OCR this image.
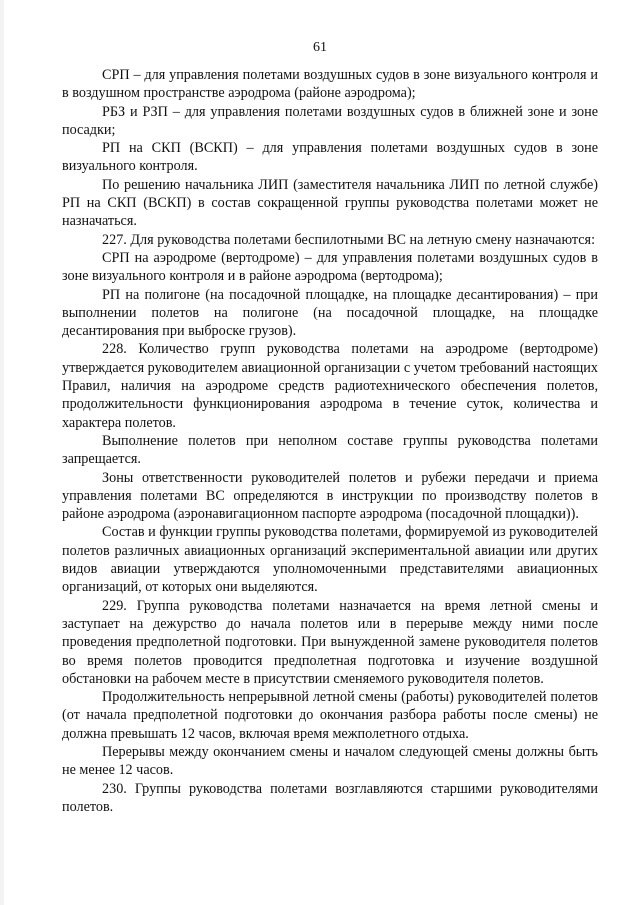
61

СРП – для управления полетами воздушных судов в зоне визуального контроля и в воздушном пространстве аэродрома (районе аэродрома);

РБЗ и РЗП – для управления полетами воздушных судов в ближней зоне и зоне посадки;

РП на СКП (ВСКП) – для управления полетами воздушных судов в зоне визуального контроля.

По решению начальника ЛИП (заместителя начальника ЛИП по летной службе) РП на СКП (ВСКП) в состав сокращенной группы руководства полетами может не назначаться.

227. Для руководства полетами беспилотными ВС на летную смену назначаются:

СРП на аэродроме (вертодроме) – для управления полетами воздушных судов в зоне визуального контроля и в районе аэродрома (вертодрома);

РП на полигоне (на посадочной площадке, на площадке десантирования) – при выполнении полетов на полигоне (на посадочной площадке, на площадке десантирования при выброске грузов).

228. Количество групп руководства полетами на аэродроме (вертодроме) утверждается руководителем авиационной организации с учетом требований настоящих Правил, наличия на аэродроме средств радиотехнического обеспечения полетов, продолжительности функционирования аэродрома в течение суток, количества и характера полетов.

Выполнение полетов при неполном составе группы руководства полетами запрещается.

Зоны ответственности руководителей полетов и рубежи передачи и приема управления полетами ВС определяются в инструкции по производству полетов в районе аэродрома (аэронавигационном паспорте аэродрома (посадочной площадки)).

Состав и функции группы руководства полетами, формируемой из руководителей полетов различных авиационных организаций экспериментальной авиации или других видов авиации утверждаются уполномоченными представителями авиационных организаций, от которых они выделяются.

229. Группа руководства полетами назначается на время летной смены и заступает на дежурство до начала полетов или в перерыве между ними после проведения предполетной подготовки. При вынужденной замене руководителя полетов во время полетов проводится предполетная подготовка и изучение воздушной обстановки на рабочем месте в присутствии сменяемого руководителя полетов.

Продолжительность непрерывной летной смены (работы) руководителей полетов (от начала предполетной подготовки до окончания разбора работы после смены) не должна превышать 12 часов, включая время межполетного отдыха.

Перерывы между окончанием смены и началом следующей смены должны быть не менее 12 часов.

230. Группы руководства полетами возглавляются старшими руководителями полетов.
